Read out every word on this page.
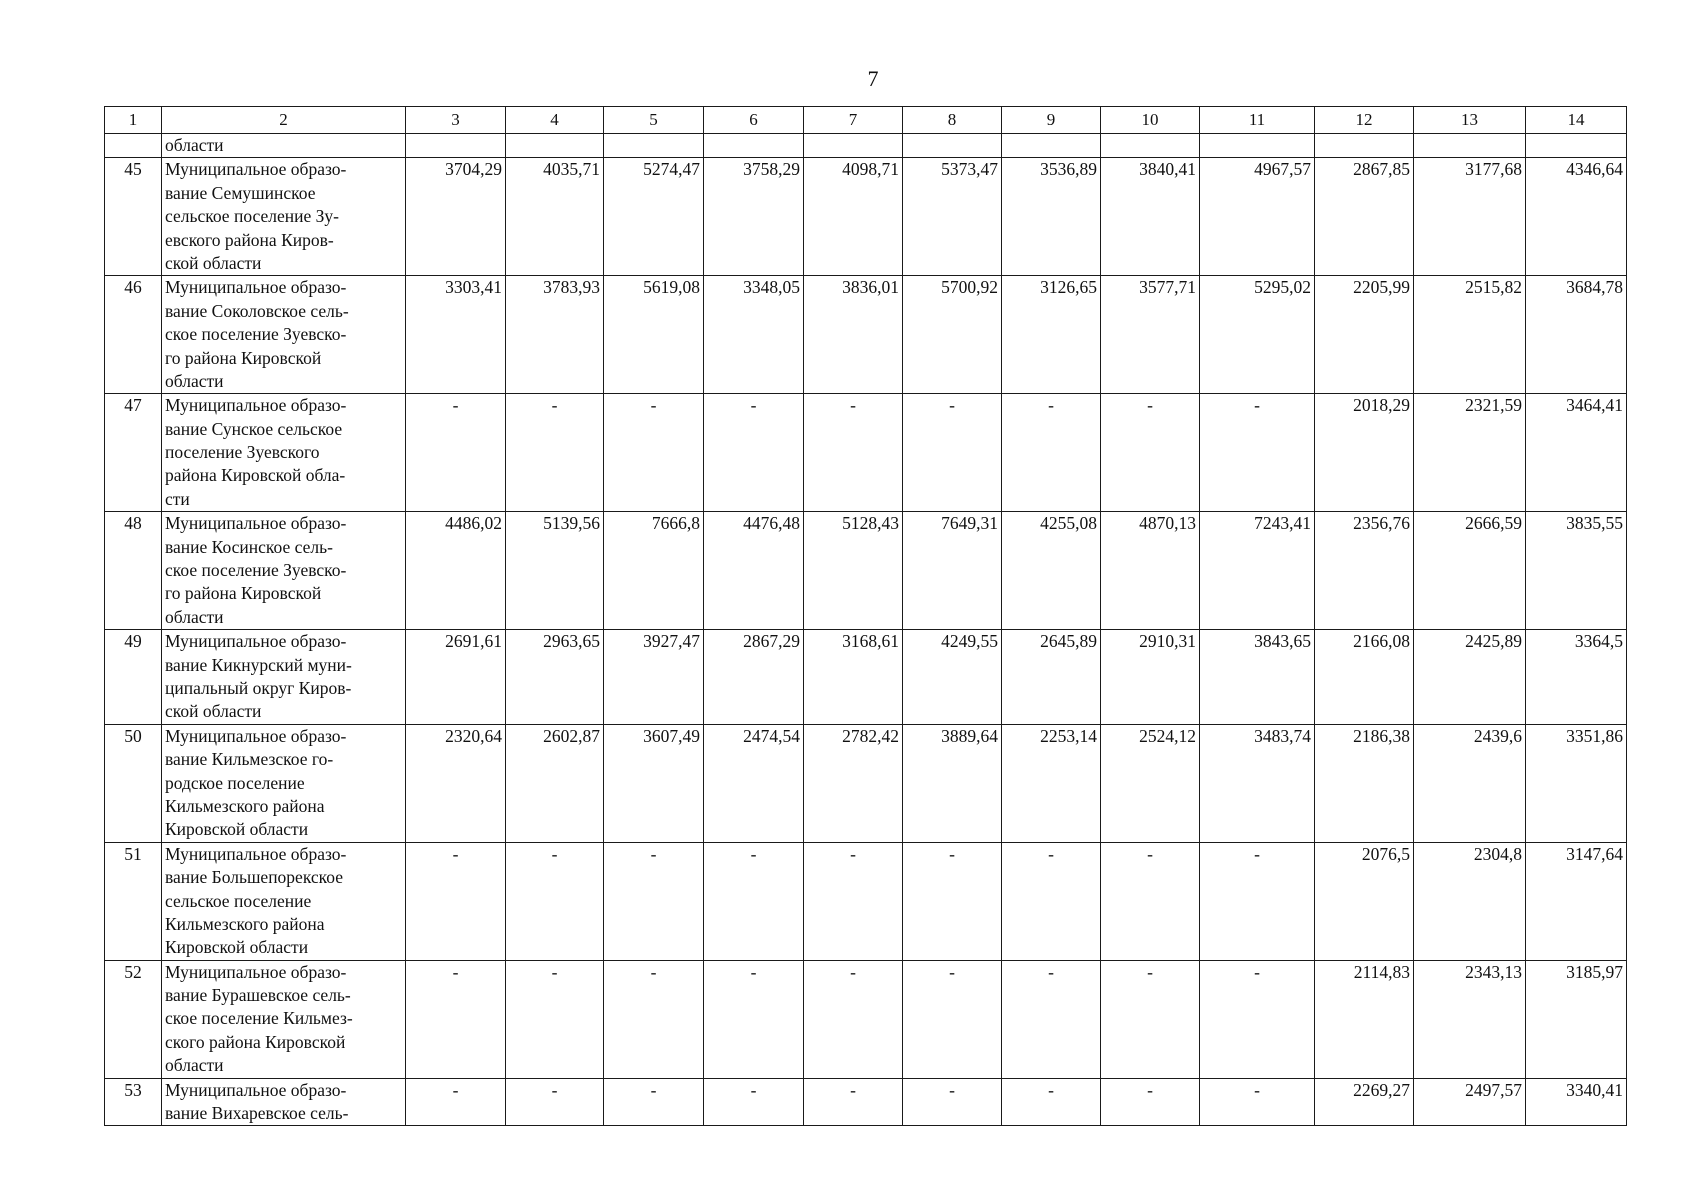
7
1	2	3	4	5	6	7	8	9	10	11	12	13	14

	области												

45	Муниципальное образо-
вание Семушинское
сельское поселение Зу-
евского района Киров-
ской области	3704,29	4035,71	5274,47	3758,29	4098,71	5373,47	3536,89	3840,41	4967,57	2867,85	3177,68	4346,64
46	Муниципальное образо-
вание Соколовское сель-
ское поселение Зуевско-
го района Кировской
области	3303,41	3783,93	5619,08	3348,05	3836,01	5700,92	3126,65	3577,71	5295,02	2205,99	2515,82	3684,78
47	Муниципальное образо-
вание Сунское сельское
поселение Зуевского
района Кировской обла-
сти	-	-	-	-	-	-	-	-	-	2018,29	2321,59	3464,41
48	Муниципальное образо-
вание Косинское сель-
ское поселение Зуевско-
го района Кировской
области	4486,02	5139,56	7666,8	4476,48	5128,43	7649,31	4255,08	4870,13	7243,41	2356,76	2666,59	3835,55
49	Муниципальное образо-
вание Кикнурский муни-
ципальный округ Киров-
ской области	2691,61	2963,65	3927,47	2867,29	3168,61	4249,55	2645,89	2910,31	3843,65	2166,08	2425,89	3364,5
50	Муниципальное образо-
вание Кильмезское го-
родское поселение
Кильмезского района
Кировской области	2320,64	2602,87	3607,49	2474,54	2782,42	3889,64	2253,14	2524,12	3483,74	2186,38	2439,6	3351,86
51	Муниципальное образо-
вание Большепорекское
сельское поселение
Кильмезского района
Кировской области	-	-	-	-	-	-	-	-	-	2076,5	2304,8	3147,64
52	Муниципальное образо-
вание Бурашевское сель-
ское поселение Кильмез-
ского района Кировской
области	-	-	-	-	-	-	-	-	-	2114,83	2343,13	3185,97
53	Муниципальное образо-
вание Вихаревское сель-	-	-	-	-	-	-	-	-	-	2269,27	2497,57	3340,41
